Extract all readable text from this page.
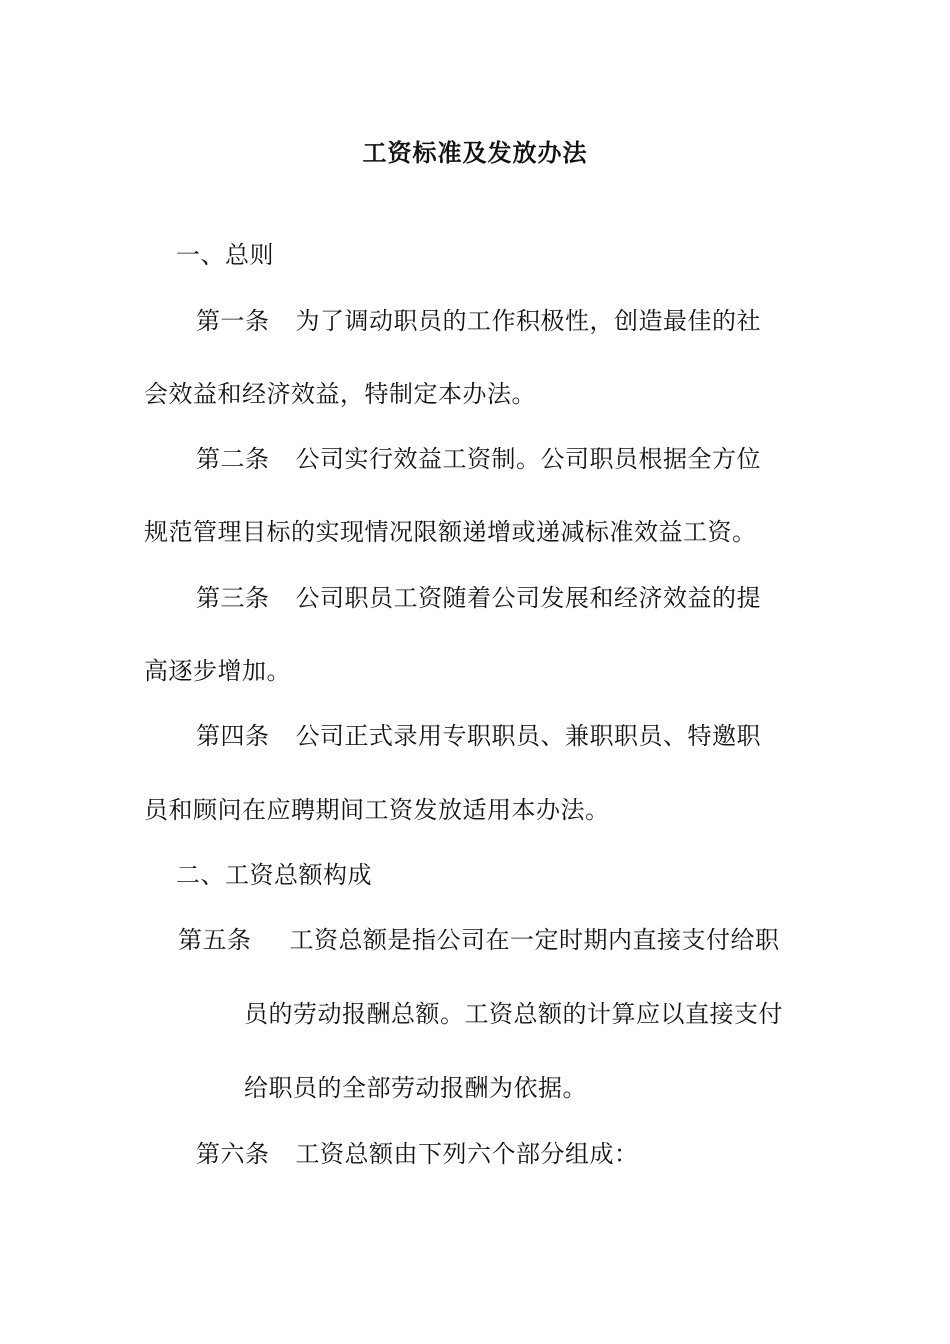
工资标准及发放办法
一、总则
第一条 为了调动职员的工作积极性，创造最佳的社
会效益和经济效益，特制定本办法。
第二条 公司实行效益工资制。公司职员根据全方位
规范管理目标的实现情况限额递增或递减标准效益工资。
第三条 公司职员工资随着公司发展和经济效益的提
高逐步增加。
第四条 公司正式录用专职职员、兼职职员、特邀职
员和顾问在应聘期间工资发放适用本办法。
二、工资总额构成
第五条 工资总额是指公司在一定时期内直接支付给职
员的劳动报酬总额。工资总额的计算应以直接支付
给职员的全部劳动报酬为依据。
第六条 工资总额由下列六个部分组成：
